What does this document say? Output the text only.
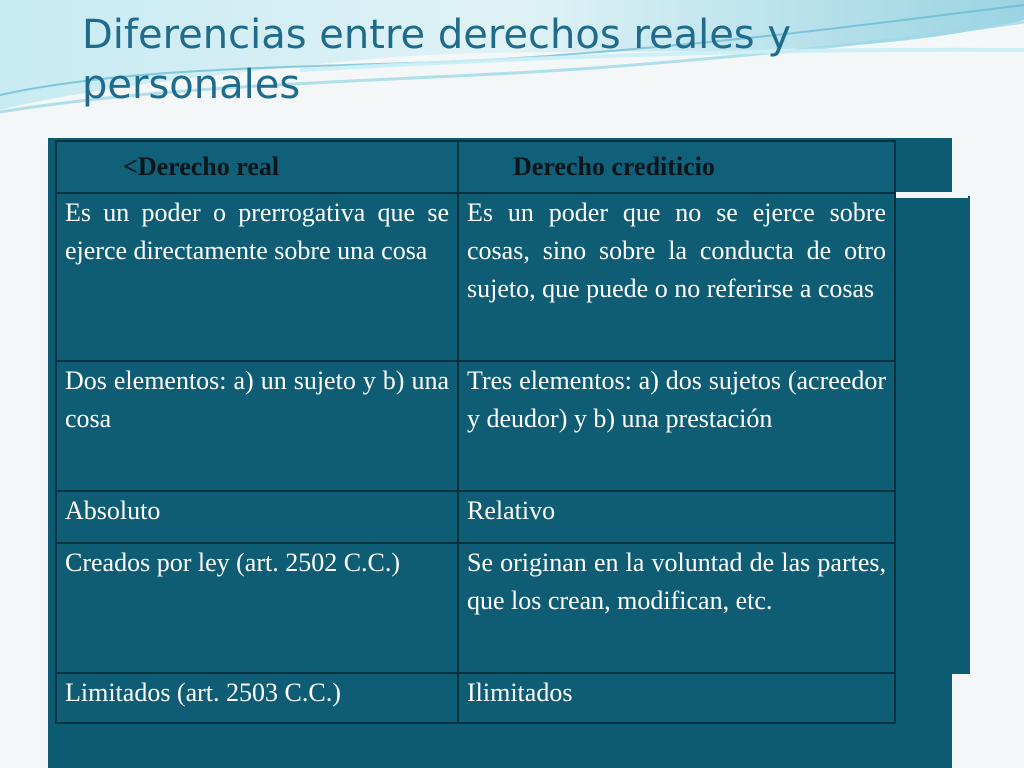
Diferencias entre derechos reales y personales
<Derecho real	Derecho crediticio
Es un poder o prerrogativa que se ejerce directamente sobre una cosa	Es un poder que no se ejerce sobre cosas, sino sobre la conducta de otro sujeto, que puede o no referirse a cosas
Dos elementos: a) un sujeto y b) una cosa	Tres elementos: a) dos sujetos (acreedor y deudor) y b) una prestación
Absoluto	Relativo
Creados por ley (art. 2502 C.C.)	Se originan en la voluntad de las partes, que los crean, modifican, etc.
Limitados (art. 2503 C.C.)	Ilimitados
